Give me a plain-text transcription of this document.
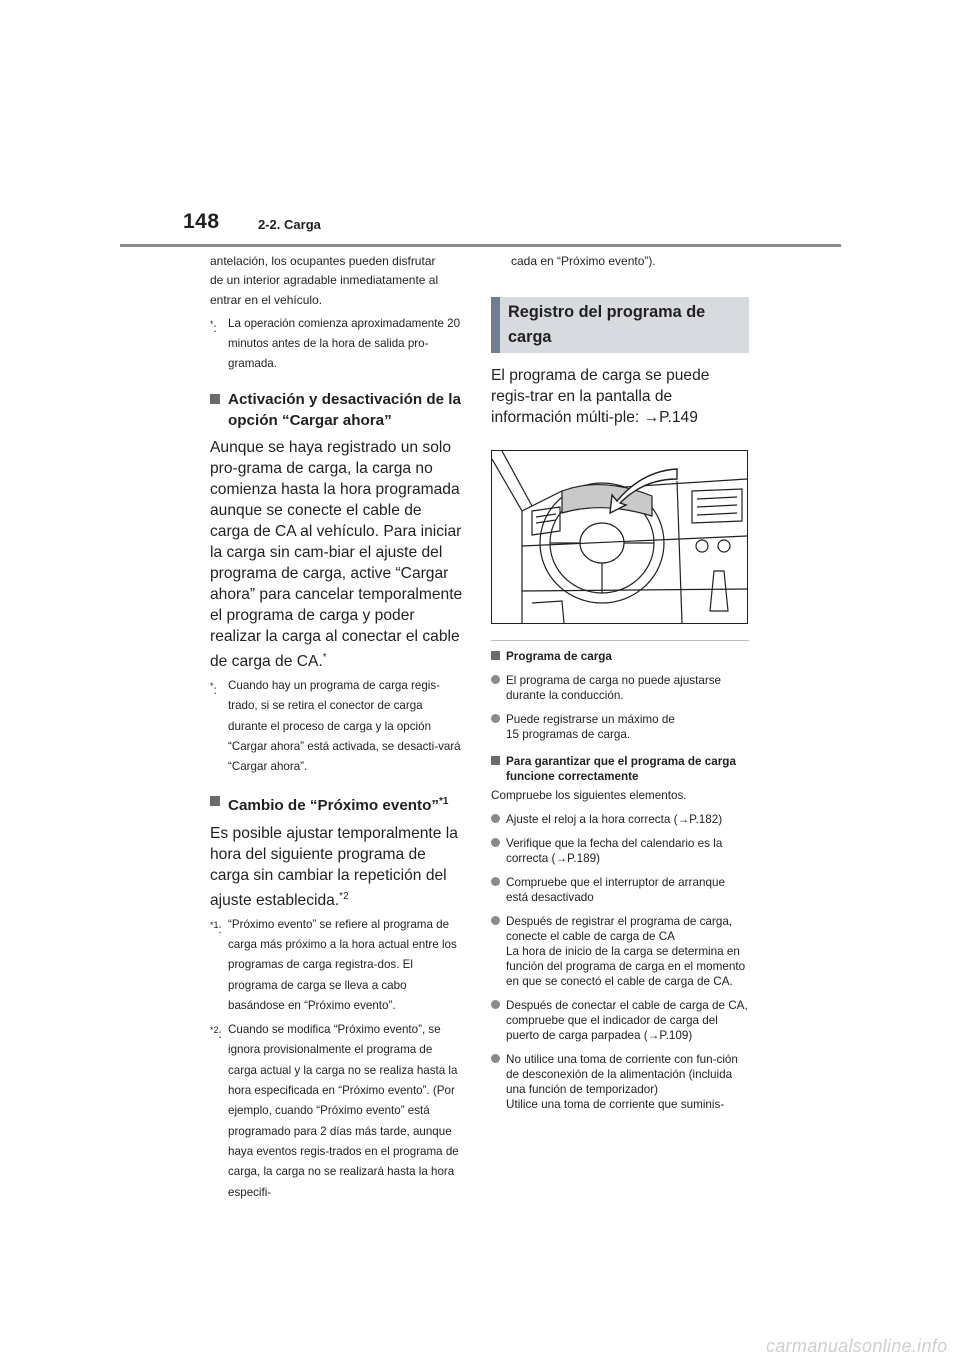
148	2-2. Carga
antelación, los ocupantes pueden disfrutar
de un interior agradable inmediatamente al
entrar en el vehículo.
*: La operación comienza aproximadamente 20 minutos antes de la hora de salida pro-gramada.
Activación y desactivación de la opción “Cargar ahora”
Aunque se haya registrado un solo pro-grama de carga, la carga no comienza hasta la hora programada aunque se conecte el cable de carga de CA al vehículo. Para iniciar la carga sin cam-biar el ajuste del programa de carga, active “Cargar ahora” para cancelar temporalmente el programa de carga y poder realizar la carga al conectar el cable de carga de CA.*
*: Cuando hay un programa de carga regis-trado, si se retira el conector de carga durante el proceso de carga y la opción “Cargar ahora” está activada, se desacti-vará “Cargar ahora”.
Cambio de “Próximo evento”$^{*1}$
Es posible ajustar temporalmente la hora del siguiente programa de carga sin cambiar la repetición del ajuste establecida.$^{*2}$
$^{*1}$: “Próximo evento” se refiere al programa de carga más próximo a la hora actual entre los programas de carga registra-dos. El programa de carga se lleva a cabo basándose en “Próximo evento”.
$^{*2}$: Cuando se modifica “Próximo evento”, se ignora provisionalmente el programa de carga actual y la carga no se realiza hasta la hora especificada en “Próximo evento”. (Por ejemplo, cuando “Próximo evento” está programado para 2 días más tarde, aunque haya eventos regis-trados en el programa de carga, la carga no se realizará hasta la hora especifi-
cada en “Próximo evento”).
Registro del programa de carga
El programa de carga se puede regis-trar en la pantalla de información múlti-ple: →P.149
Programa de carga
El programa de carga no puede ajustarse durante la conducción.
Puede registrarse un máximo de
15 programas de carga.
Para garantizar que el programa de carga funcione correctamente
Compruebe los siguientes elementos.
Ajuste el reloj a la hora correcta (→P.182)
Verifique que la fecha del calendario es la correcta (→P.189)
Compruebe que el interruptor de arranque está desactivado
Después de registrar el programa de carga, conecte el cable de carga de CA
La hora de inicio de la carga se determina en función del programa de carga en el momento en que se conectó el cable de carga de CA.
Después de conectar el cable de carga de CA, compruebe que el indicador de carga del puerto de carga parpadea (→P.109)
No utilice una toma de corriente con fun-ción de desconexión de la alimentación (incluida una función de temporizador)
Utilice una toma de corriente que suminis-
carmanualsonline.info
